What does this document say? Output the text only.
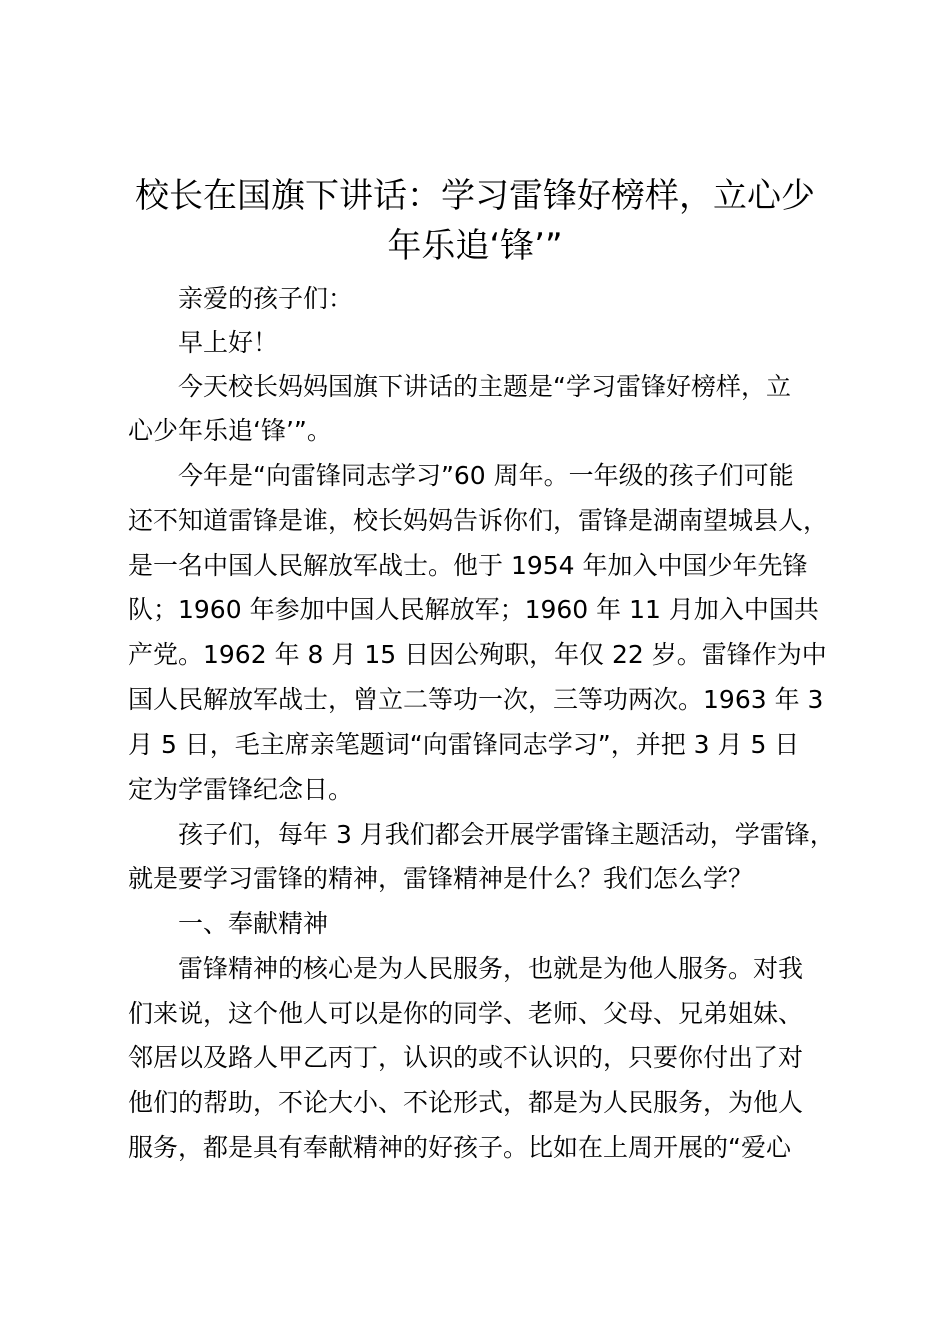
校长在国旗下讲话：学习雷锋好榜样，立心少
年乐追‘锋’”

亲爱的孩子们：

早上好！

今天校长妈妈国旗下讲话的主题是“学习雷锋好榜样，立

心少年乐追‘锋’”。

今年是“向雷锋同志学习”60 周年。一年级的孩子们可能

还不知道雷锋是谁，校长妈妈告诉你们，雷锋是湖南望城县人，

是一名中国人民解放军战士。他于 1954 年加入中国少年先锋

队；1960 年参加中国人民解放军；1960 年 11 月加入中国共

产党。1962 年 8 月 15 日因公殉职，年仅 22 岁。雷锋作为中

国人民解放军战士，曾立二等功一次，三等功两次。1963 年 3

月 5 日，毛主席亲笔题词“向雷锋同志学习”，并把 3 月 5 日

定为学雷锋纪念日。

孩子们，每年 3 月我们都会开展学雷锋主题活动，学雷锋，

就是要学习雷锋的精神，雷锋精神是什么？我们怎么学？

一、奉献精神

雷锋精神的核心是为人民服务，也就是为他人服务。对我

们来说，这个他人可以是你的同学、老师、父母、兄弟姐妹、

邻居以及路人甲乙丙丁，认识的或不认识的，只要你付出了对

他们的帮助，不论大小、不论形式，都是为人民服务，为他人

服务，都是具有奉献精神的好孩子。比如在上周开展的“爱心
